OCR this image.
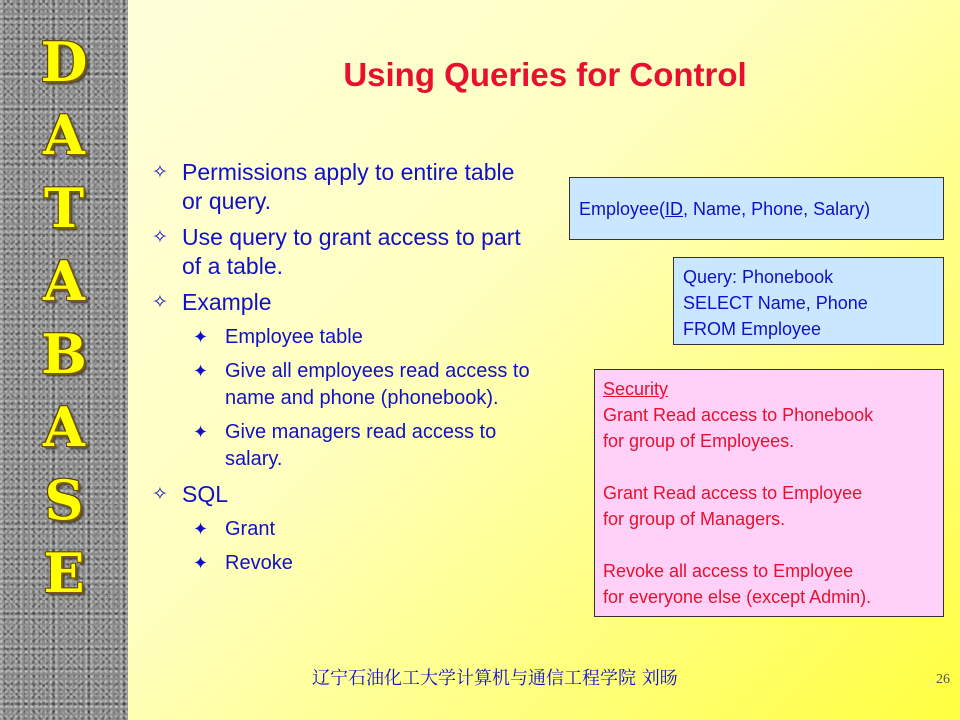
D
A
T
A
B
A
S
E
Using Queries for Control
✧ Permissions apply to entire table or query.
✧ Use query to grant access to part of a table.
✧ Example
✦ Employee table
✦ Give all employees read access to name and phone (phonebook).
✦ Give managers read access to salary.
✧ SQL
✦ Grant
✦ Revoke
Employee(ID, Name, Phone, Salary)
Query: Phonebook
SELECT Name, Phone
FROM Employee
Security
Grant Read access to Phonebook
for group of Employees.
Grant Read access to Employee
for group of Managers.
Revoke all access to Employee
for everyone else (except Admin).
辽宁石油化工大学计算机与通信工程学院 刘旸	26
